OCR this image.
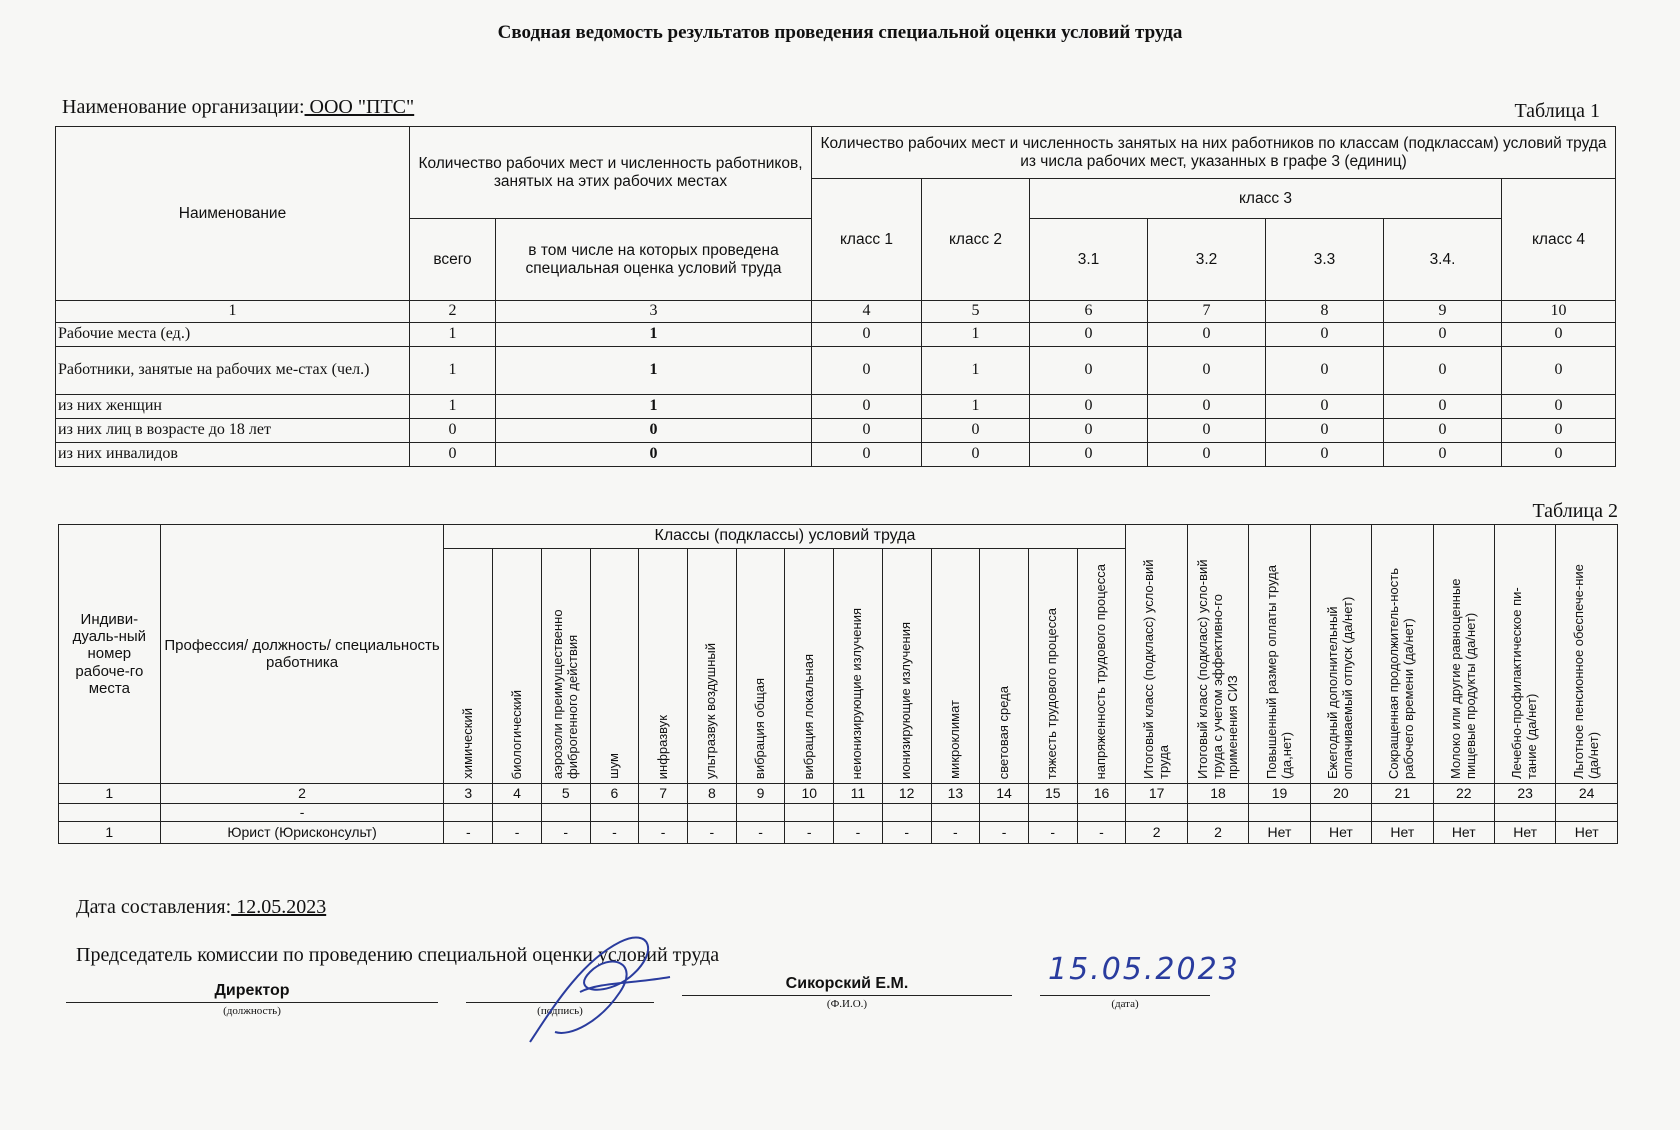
Сводная ведомость результатов проведения специальной оценки условий труда
Наименование организации: ООО "ПТС"	Таблица 1
Наименование	Количество рабочих мест и численность работников, занятых на этих рабочих местах		Количество рабочих мест и численность занятых на них работников по классам (подклассам) условий труда из числа рабочих мест, указанных в графе 3 (единиц)						
			класс 1	класс 2	класс 3				класс 4
	всего	в том числе на которых проведена специальная оценка условий труда			3.1	3.2	3.3	3.4.	
1	2	3	4	5	6	7	8	9	10
Рабочие места (ед.)	1	1	0	1	0	0	0	0	0
Работники, занятые на рабочих ме-стах (чел.)	1	1	0	1	0	0	0	0	0
из них женщин	1	1	0	1	0	0	0	0	0
из них лиц в возрасте до 18 лет	0	0	0	0	0	0	0	0	0
из них инвалидов	0	0	0	0	0	0	0	0	0
Таблица 2
Индиви-дуаль-ный номер рабоче-го места	Профессия/ должность/ специальность работника	Классы (подклассы) условий труда														Итоговый класс (подкласс) усло-вий труда	Итоговый класс (подкласс) усло-вий труда с учетом эффективно-го применения СИЗ	Повышенный размер оплаты труда (да,нет)	Ежегодный дополнительный оплачиваемый отпуск (да/нет)	Сокращенная продолжитель-ность рабочего времени (да/нет)	Молоко или другие равноценные пищевые продукты (да/нет)	Лечебно-профилактическое пи-тание (да/нет)	Льготное пенсионное обеспече-ние (да/нет)

		химический	биологический	аэрозоли преимущественно фиброгенного действия	шум	инфразвук	ультразвук воздушный	вибрация общая	вибрация локальная	неионизирующие излучения	ионизирующие излучения	микроклимат	световая среда	тяжесть трудового процесса	напряженность трудового процесса								

1	2	3	4	5	6	7	8	9	10	11	12	13	14	15	16	17	18	19	20	21	22	23	24
	-																						
1	Юрист (Юрисконсульт)	-	-	-	-	-	-	-	-	-	-	-	-	-	-	2	2	Нет	Нет	Нет	Нет	Нет	Нет
Дата составления: 12.05.2023
Председатель комиссии по проведению специальной оценки условий труда
Директор
(должность)	(подпись)
Сикорский Е.М.
(Ф.И.О.)	(дата)
15.05.2023
